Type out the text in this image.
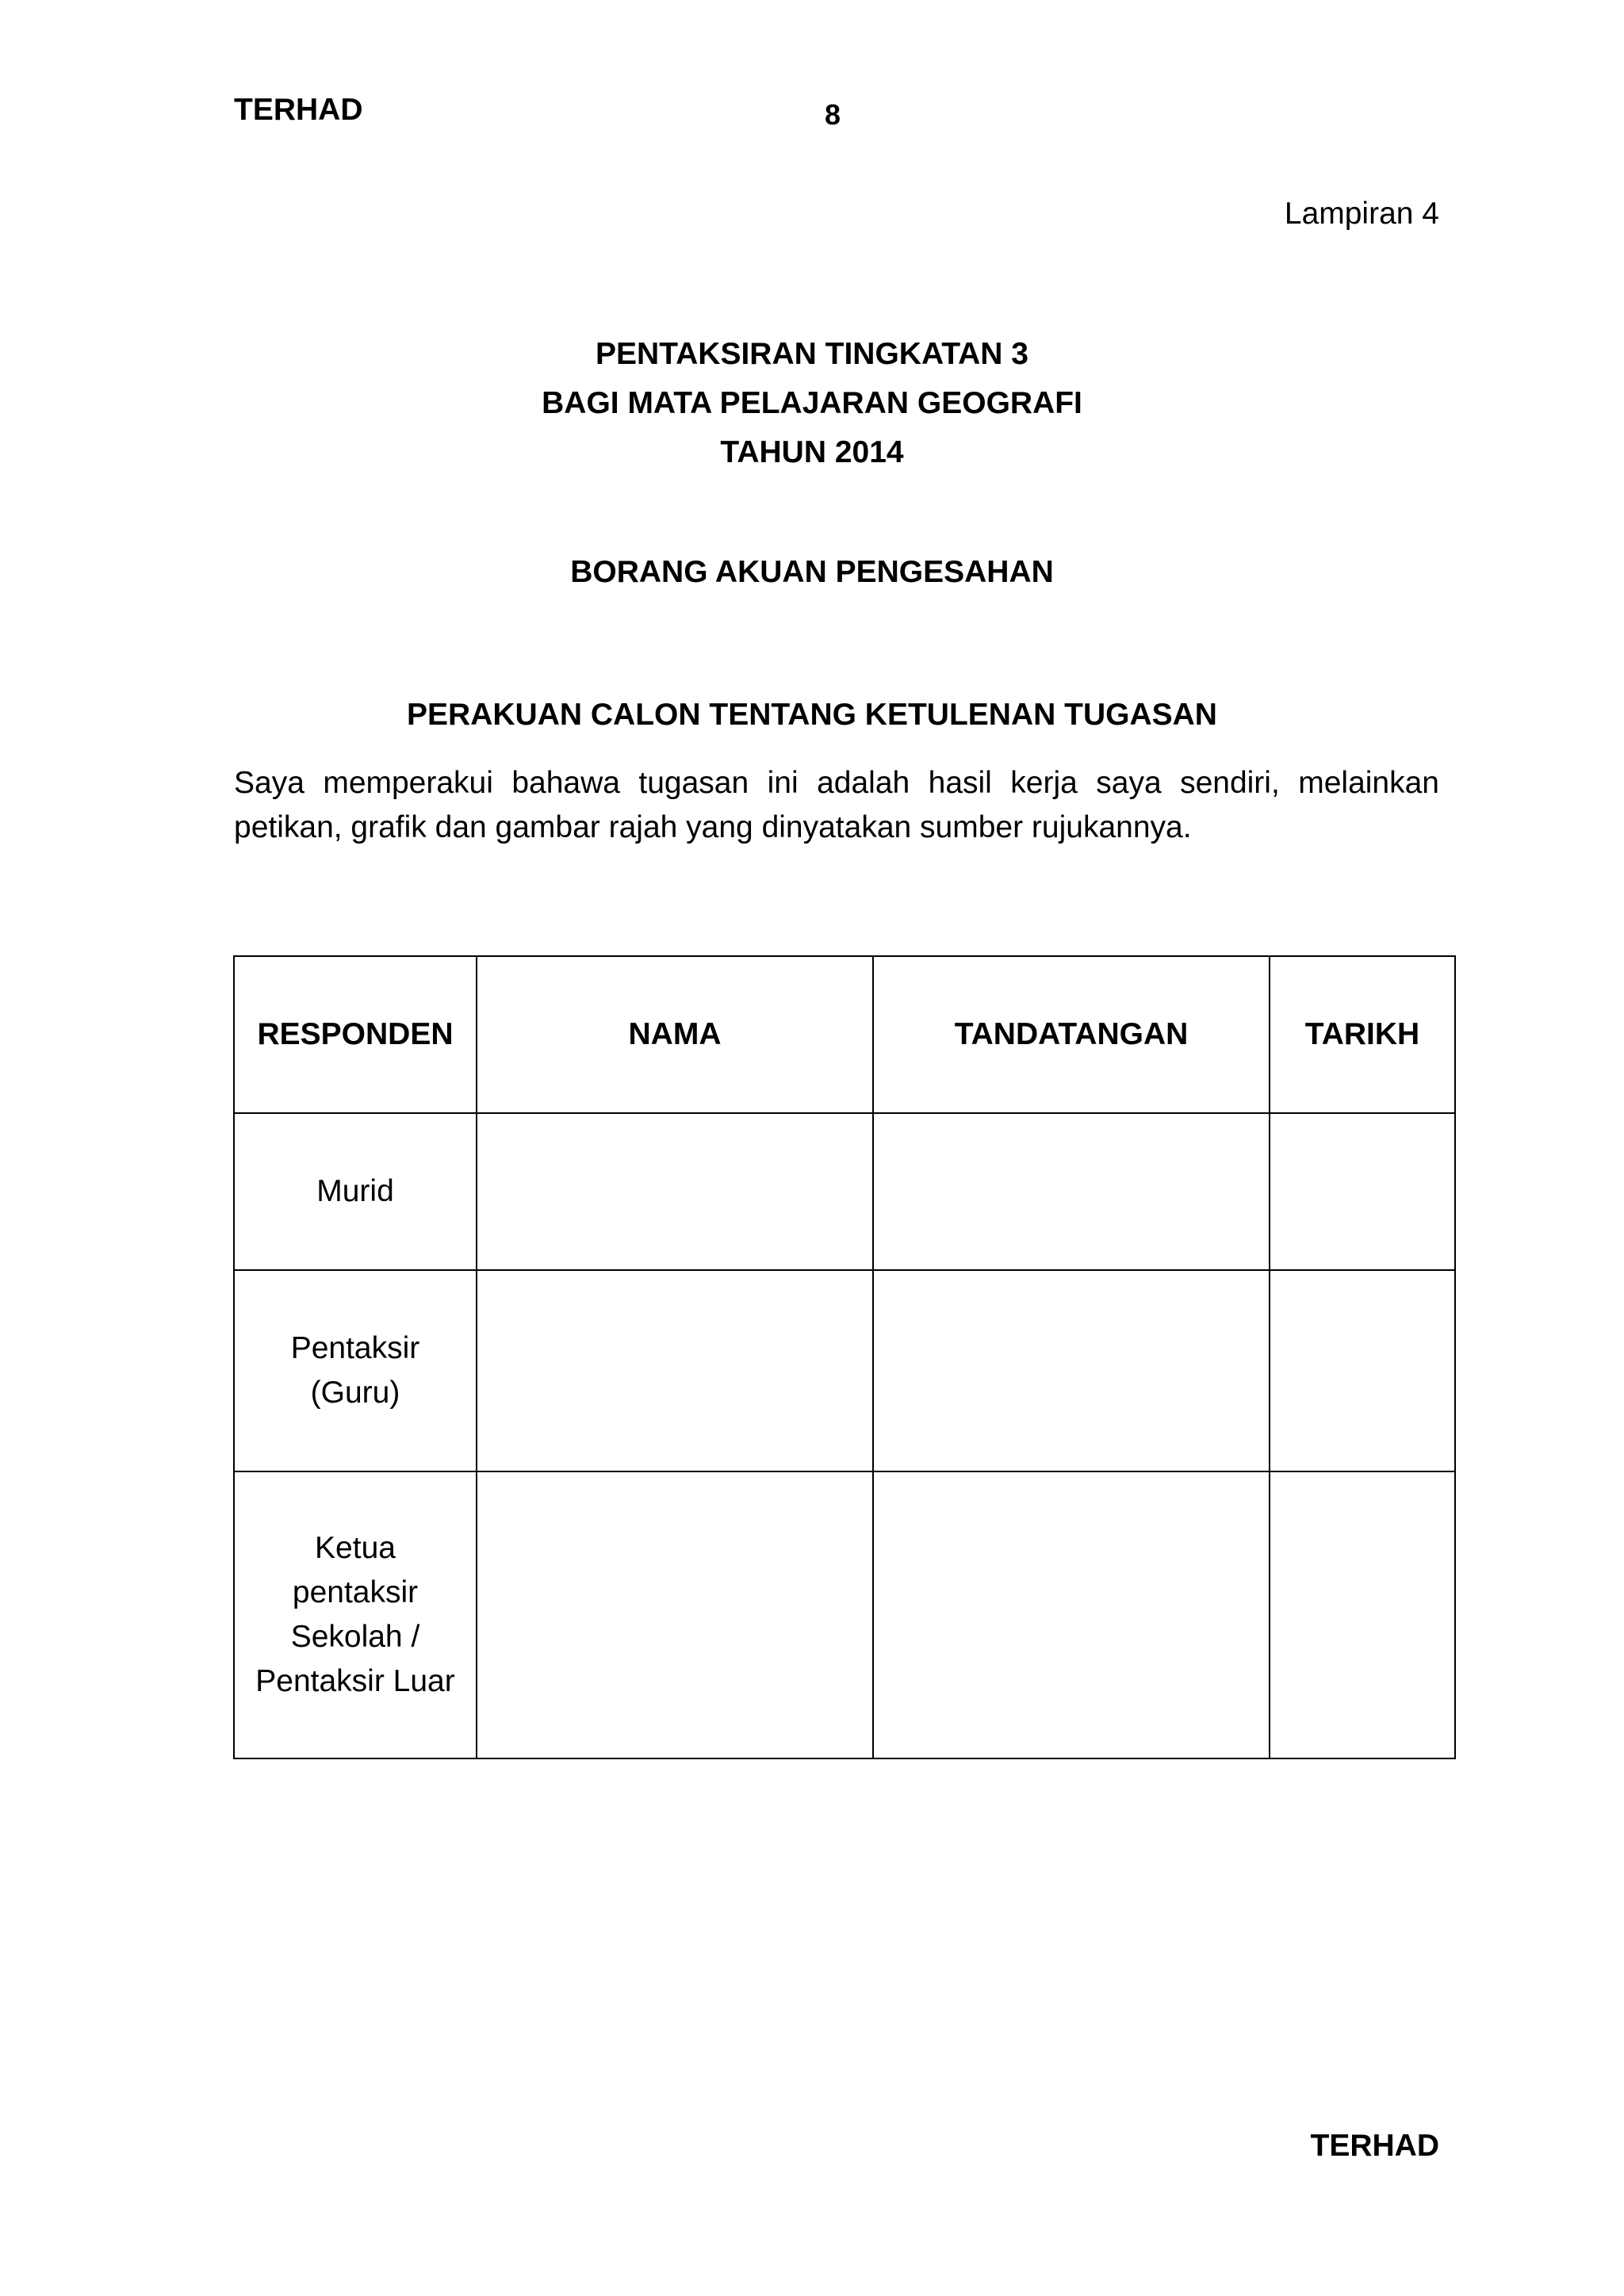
TERHAD	8
Lampiran 4
PENTAKSIRAN TINGKATAN 3
BAGI MATA PELAJARAN GEOGRAFI
TAHUN 2014
BORANG AKUAN PENGESAHAN
PERAKUAN CALON TENTANG KETULENAN TUGASAN
Saya memperakui bahawa tugasan ini adalah hasil kerja saya sendiri, melainkan petikan, grafik dan gambar rajah yang dinyatakan sumber rujukannya.
RESPONDEN	NAMA	TANDATANGAN	TARIKH

Murid			

Pentaksir
(Guru)			

Ketua
pentaksir
Sekolah /
Pentaksir Luar			

TERHAD
